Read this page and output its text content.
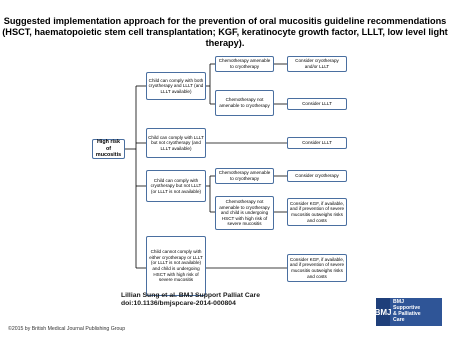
Suggested implementation approach for the prevention of oral mucositis guideline recommendations (HSCT, haematopoietic stem cell transplantation; KGF, keratinocyte growth factor, LLLT, low level light therapy).
High risk of mucositis
Child can comply with both cryotherapy and LLLT (and LLLT available)
Child can comply with LLLT but not cryotherapy (and LLLT available)
Child can comply with cryotherapy but not LLLT (or LLLT is not available)
Child cannot comply with either cryotherapy or LLLT (or LLLT is not available) and child is undergoing HSCT with high risk of severe mucositis
Chemotherapy amenable to cryotherapy
Chemotherapy not amenable to cryotherapy
Chemotherapy amenable to cryotherapy
Chemotherapy not amenable to cryotherapy and child is undergoing HSCT with high risk of severe mucositis
Consider cryotherapy and/or LLLT
Consider LLLT
Consider LLLT
Consider cryotherapy
Consider KGF, if available, and if prevention of severe mucositis outweighs risks and costs
Consider KGF, if available, and if prevention of severe mucositis outweighs risks and costs
Lillian Sung et al. BMJ Support Palliat Care
doi:10.1136/bmjspcare-2014-000804
BMJ
BMJ
Supportive
& Palliative
Care
©2015 by British Medical Journal Publishing Group
